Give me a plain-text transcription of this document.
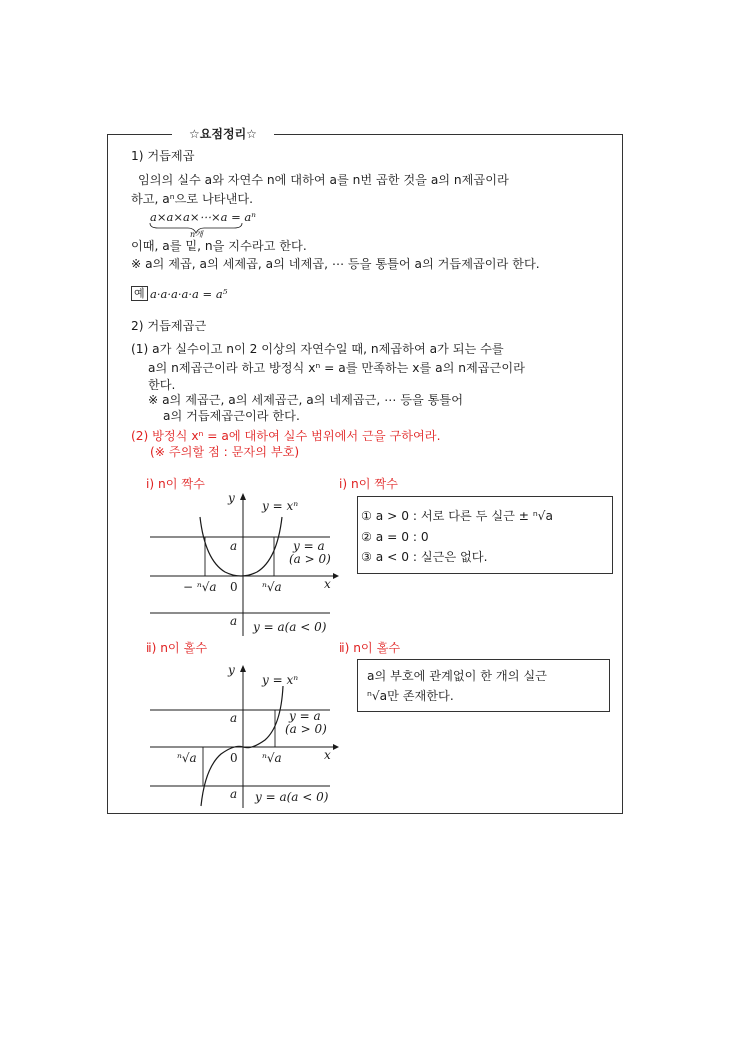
☆요점정리☆
1) 거듭제곱
임의의 실수 a와 자연수 n에 대하여 a를 n번 곱한 것을 a의 n제곱이라
하고, aⁿ으로 나타낸다.
a×a×a×⋯×a = aⁿ
n개
이때, a를 밑, n을 지수라고 한다.
※ a의 제곱, a의 세제곱, a의 네제곱, ⋯ 등을 통틀어 a의 거듭제곱이라 한다.
예 a·a·a·a·a = a⁵
2) 거듭제곱근
(1) a가 실수이고 n이 2 이상의 자연수일 때, n제곱하여 a가 되는 수를
a의 n제곱근이라 하고 방정식 xⁿ = a를 만족하는 x를 a의 n제곱근이라
한다.
※ a의 제곱근, a의 세제곱근, a의 네제곱근, ⋯ 등을 통틀어
a의 거듭제곱근이라 한다.
(2) 방정식 xⁿ = a에 대하여 실수 범위에서 근을 구하여라.
(※ 주의할 점 : 문자의 부호)
ⅰ) n이 짝수	ⅰ) n이 짝수
y
x
y = xⁿ
a	y = a
(a > 0)
0
− ⁿ√a	ⁿ√a
a y = a(a < 0)
① a > 0 : 서로 다른 두 실근 ± ⁿ√a
② a = 0 : 0
③ a < 0 : 실근은 없다.
ⅱ) n이 홀수	ⅱ) n이 홀수
y
x
y = xⁿ
a	y = a
(a > 0)
0
ⁿ√a	ⁿ√a
a y = a(a < 0)
a의 부호에 관계없이 한 개의 실근
ⁿ√a만 존재한다.
